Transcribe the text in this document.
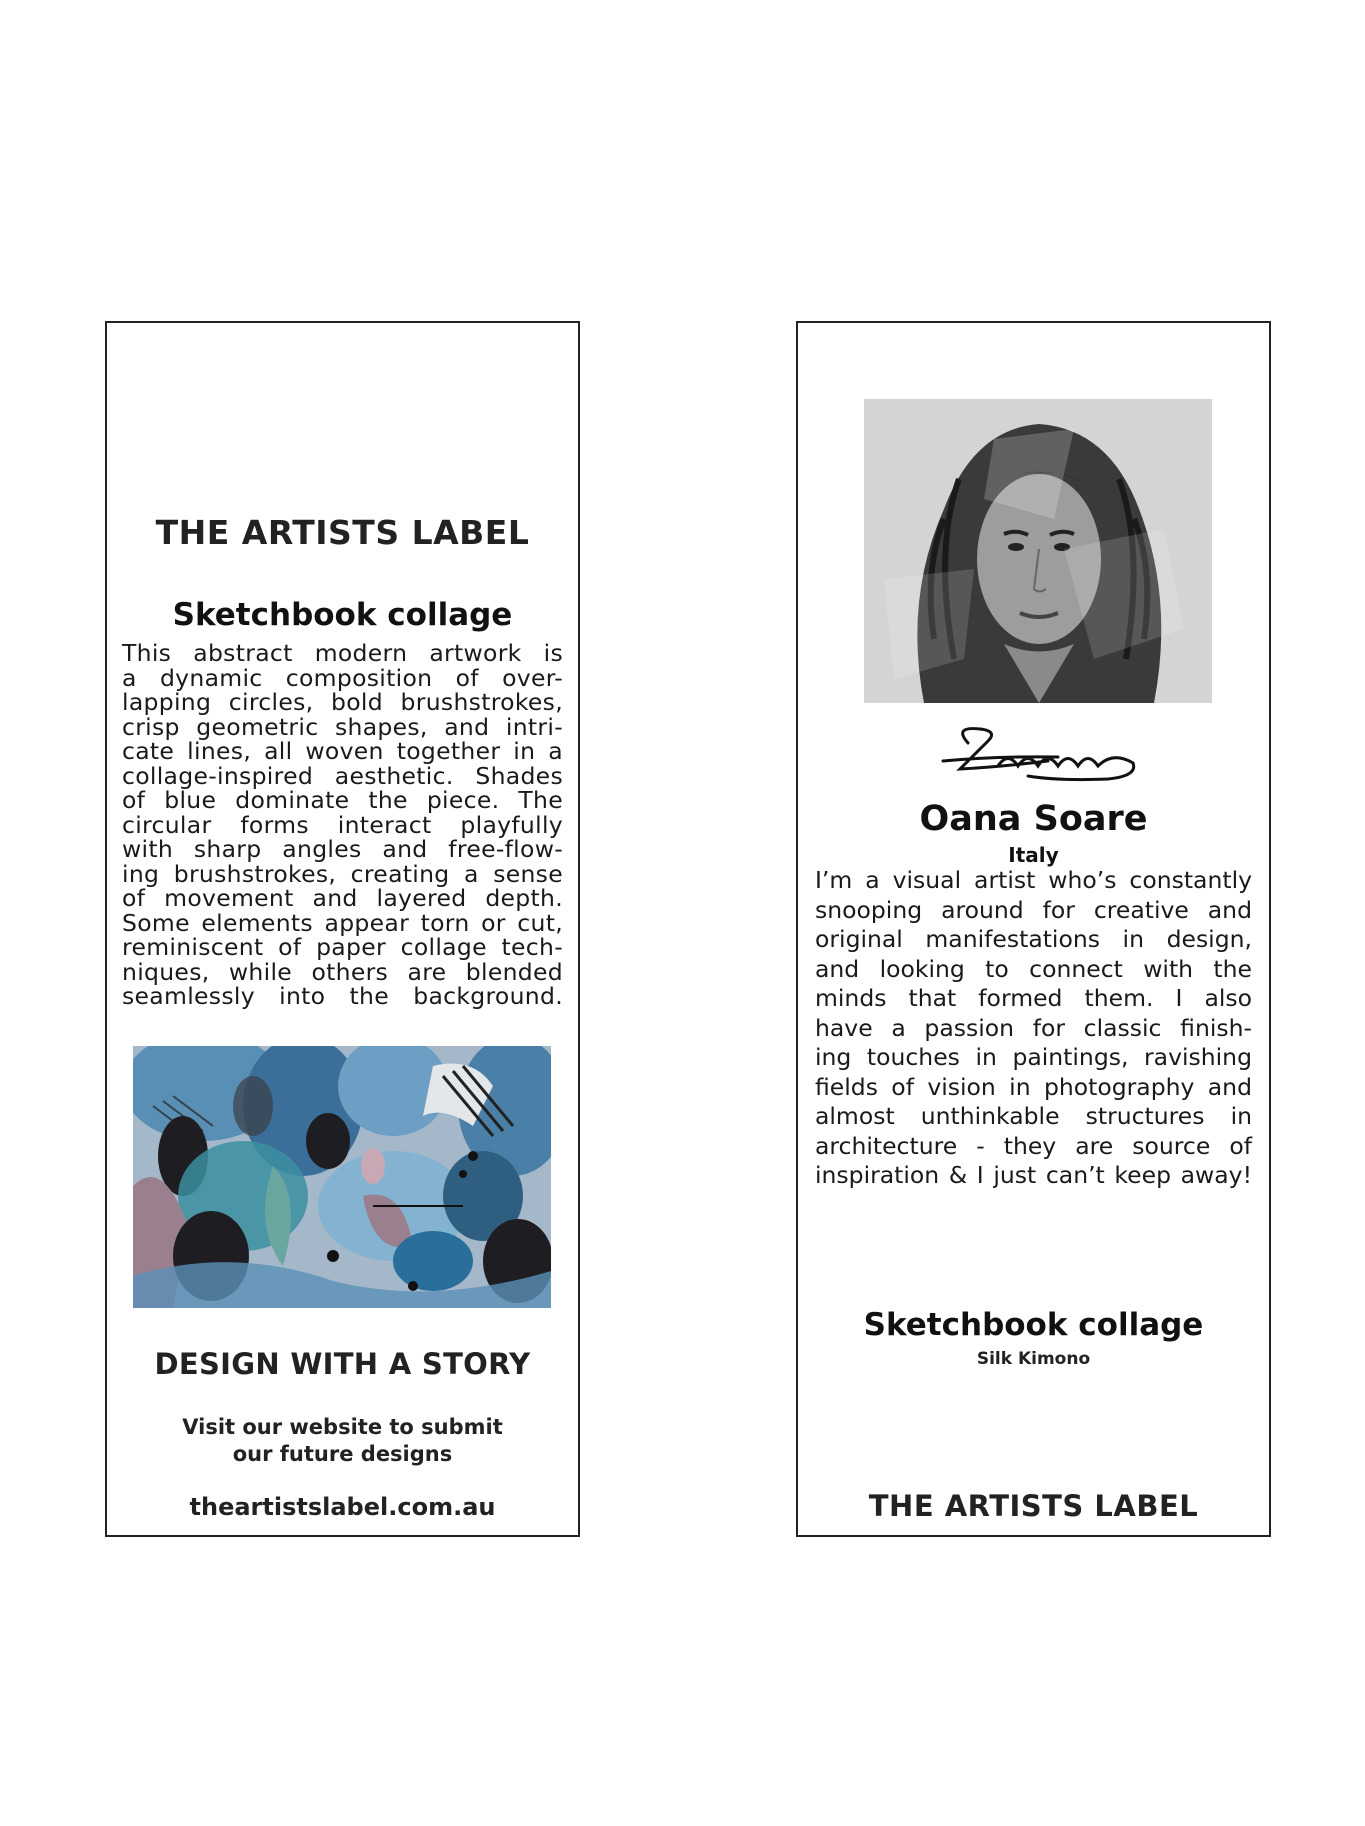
THE ARTISTS LABEL
Sketchbook collage
This abstract modern artwork is
a dynamic composition of over-
lapping circles, bold brushstrokes,
crisp geometric shapes, and intri-
cate lines, all woven together in a
collage-inspired aesthetic. Shades
of blue dominate the piece. The
circular forms interact playfully
with sharp angles and free-flow-
ing brushstrokes, creating a sense
of movement and layered depth.
Some elements appear torn or cut,
reminiscent of paper collage tech-
niques, while others are blended
seamlessly into the background.
DESIGN WITH A STORY
Visit our website to submit
our future designs
theartistslabel.com.au
Oana Soare
Italy
I’m a visual artist who’s constantly
snooping around for creative and
original manifestations in design,
and looking to connect with the
minds that formed them. I also
have a passion for classic finish-
ing touches in paintings, ravishing
fields of vision in photography and
almost unthinkable structures in
architecture - they are source of
inspiration & I just can’t keep away!
Sketchbook collage
Silk Kimono
THE ARTISTS LABEL
